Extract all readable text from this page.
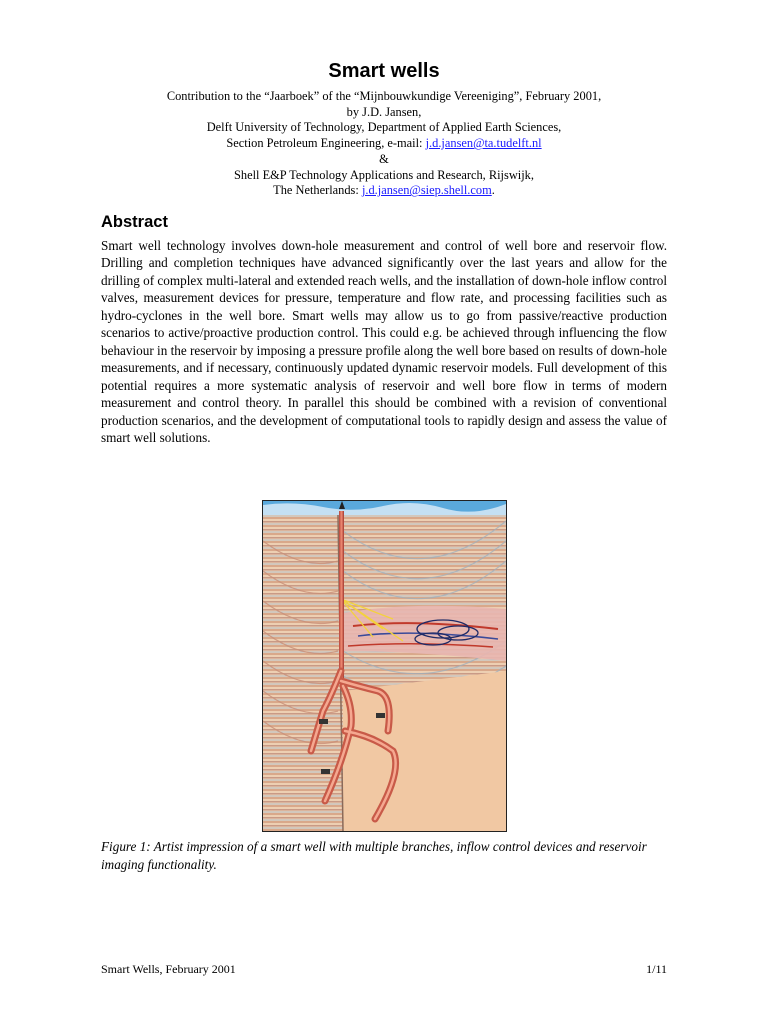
Smart wells
Contribution to the “Jaarboek” of the “Mijnbouwkundige Vereeniging”, February 2001,
by J.D. Jansen,
Delft University of Technology, Department of Applied Earth Sciences,
Section Petroleum Engineering, e-mail: j.d.jansen@ta.tudelft.nl
&
Shell E&P Technology Applications and Research, Rijswijk,
The Netherlands: j.d.jansen@siep.shell.com.
Abstract
Smart well technology involves down-hole measurement and control of well bore and reservoir flow. Drilling and completion techniques have advanced significantly over the last years and allow for the drilling of complex multi-lateral and extended reach wells, and the installation of down-hole inflow control valves, measurement devices for pressure, temperature and flow rate, and processing facilities such as hydro-cyclones in the well bore. Smart wells may allow us to go from passive/reactive production scenarios to active/proactive production control. This could e.g. be achieved through influencing the flow behaviour in the reservoir by imposing a pressure profile along the well bore based on results of down-hole measurements, and if necessary, continuously updated dynamic reservoir models. Full development of this potential requires a more systematic analysis of reservoir and well bore flow in terms of modern measurement and control theory. In parallel this should be combined with a revision of conventional production scenarios, and the development of computational tools to rapidly design and assess the value of smart well solutions.
Figure 1: Artist impression of a smart well with multiple branches, inflow control devices and reservoir imaging functionality.
Smart Wells, February 2001	1/11
